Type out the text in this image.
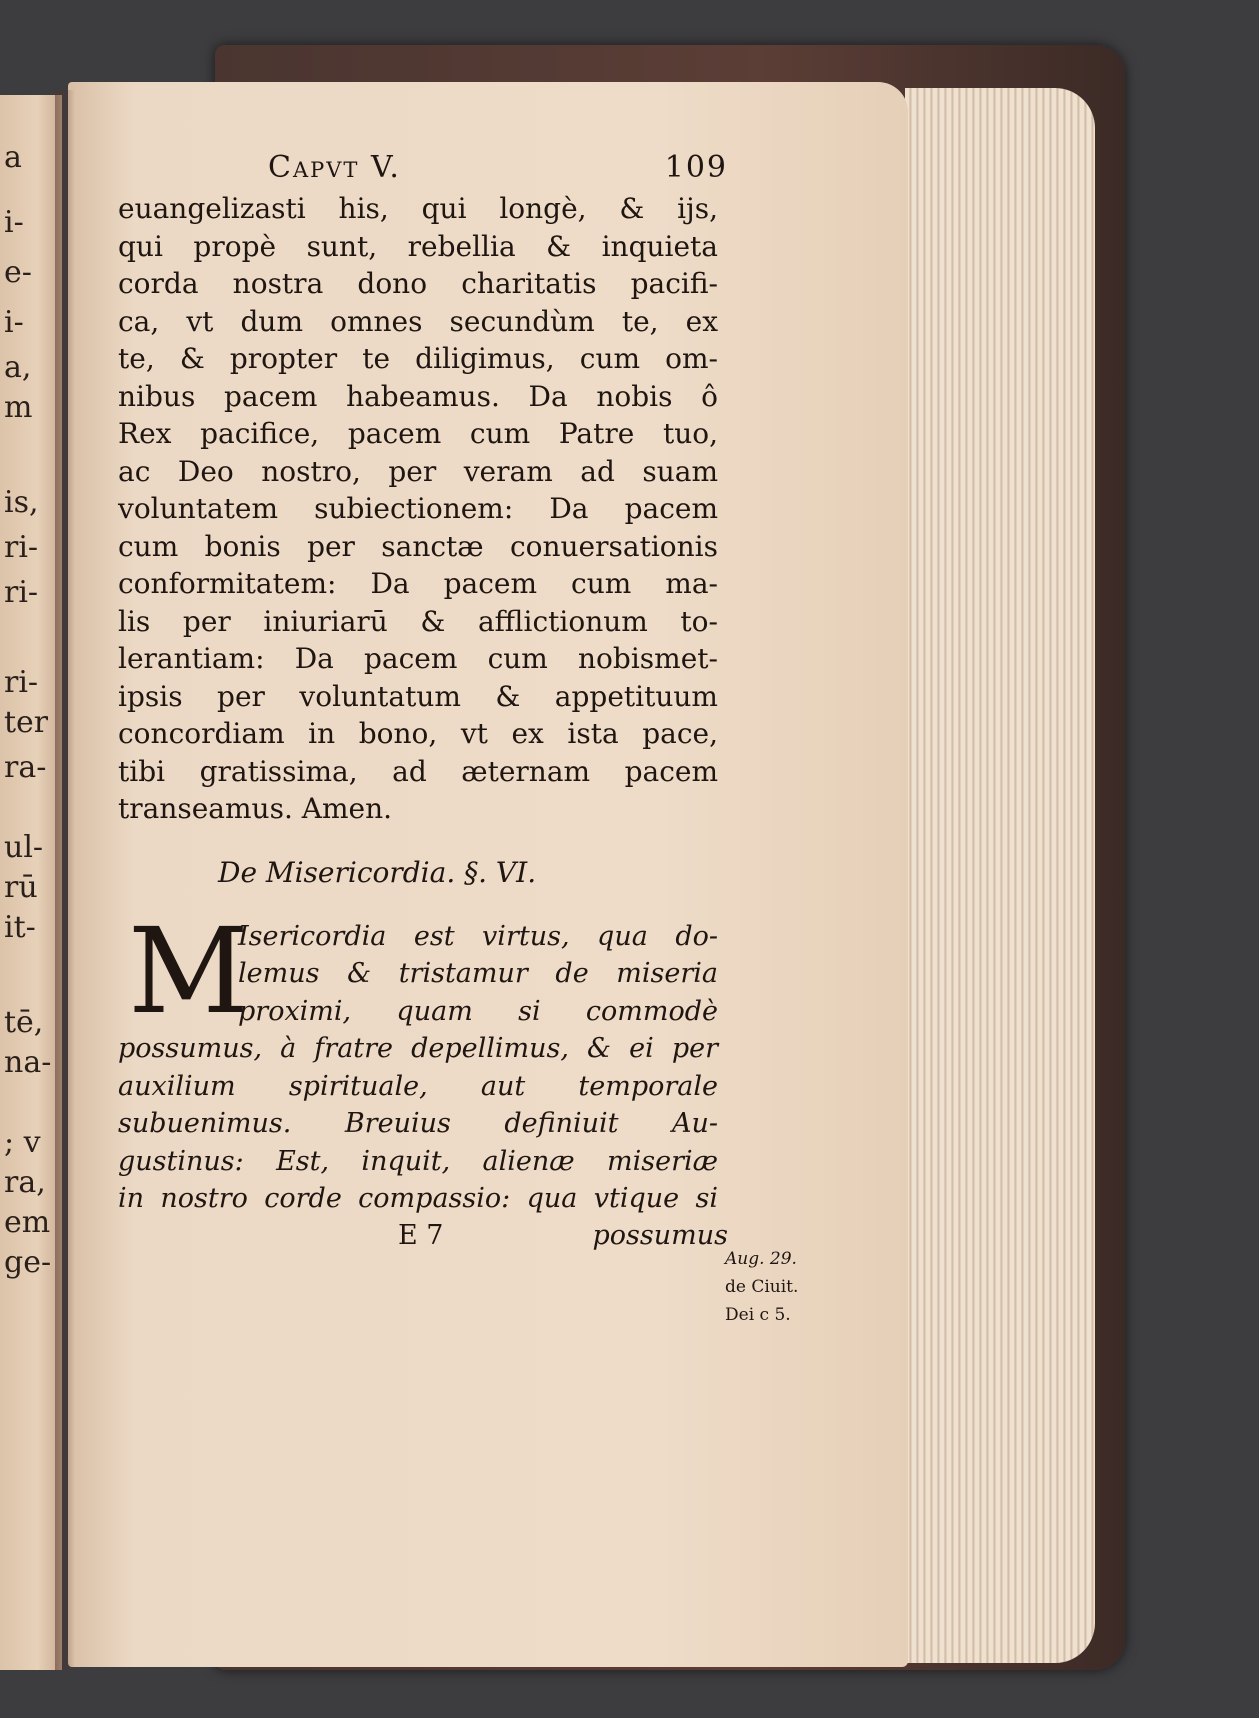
a
i-
e-
i-
a,
m
is,
ri-
ri-
ri-
ter
ra-
ul-
rū
it-
tē,
na-
; v
ra,
em
ge-
Capvt V.	109
euangelizasti his, qui longè, & ijs,
qui propè sunt, rebellia & inquieta
corda nostra dono charitatis pacifi-
ca, vt dum omnes secundùm te, ex
te, & propter te diligimus, cum om-
nibus pacem habeamus. Da nobis ô
Rex pacifice, pacem cum Patre tuo,
ac Deo nostro, per veram ad suam
voluntatem subiectionem: Da pacem
cum bonis per sanctæ conuersationis
conformitatem: Da pacem cum ma-
lis per iniuriarū & afflictionum to-
lerantiam: Da pacem cum nobismet-
ipsis per voluntatum & appetituum
concordiam in bono, vt ex ista pace,
tibi gratissima, ad æternam pacem
transeamus. Amen.
De Misericordia. §. VI.
M
Isericordia est virtus, qua do-
lemus & tristamur de miseria
proximi, quam si commodè
possumus, à fratre depellimus, & ei per
auxilium spirituale, aut temporale
subuenimus. Breuius definiuit Au-
gustinus: Est, inquit, alienæ miseriæ
in nostro corde compassio: qua vtique si
E 7	possumus
Aug. 29.
de Ciuit.
Dei c 5.
